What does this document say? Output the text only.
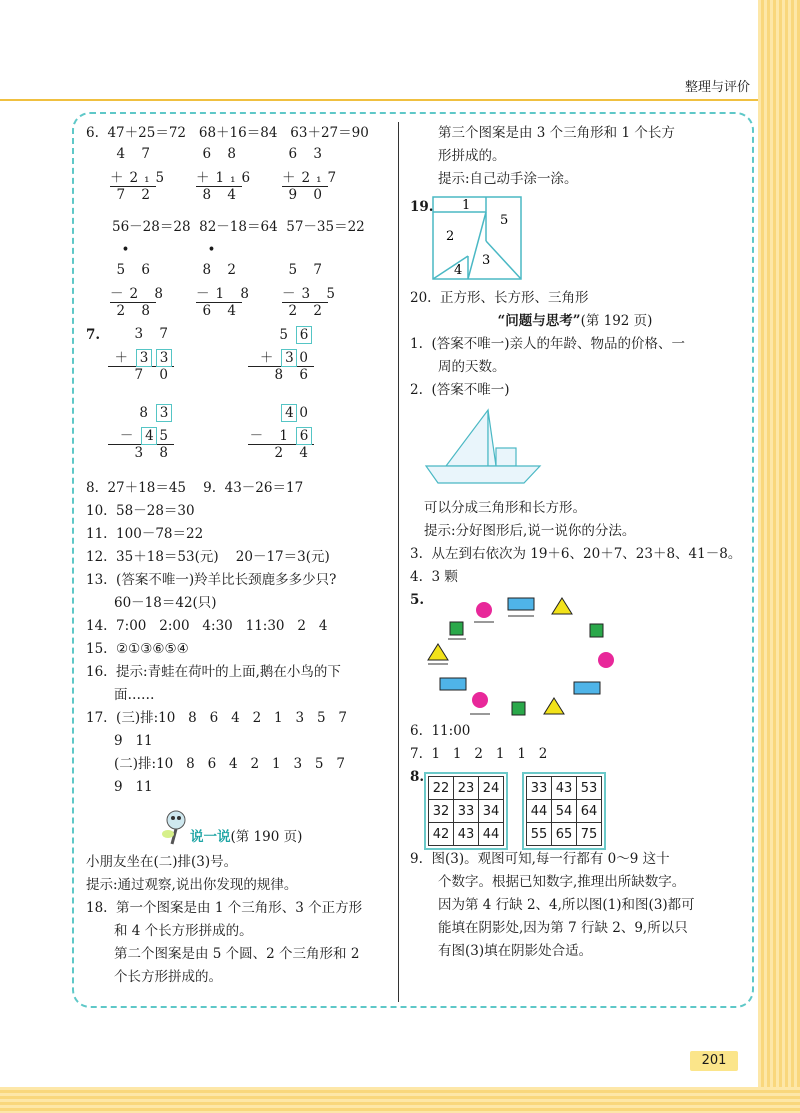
整理与评价
6.  47＋25＝72   68＋16＝84   63＋27＝90
4 7
＋2₁5
7 2
6 8
＋1₁6
8 4
6 3
＋2₁7
9 0
56－28＝28  82－18＝64  57－35＝22
•
5 6
－2 8
2 8
•
8 2
－1 8
6 4

5 7
－3 5
2 2
7.	3 7
＋ 3 3
7 0
5 6
＋ 3 0
8 6
8 3
－ 4 5
3 8
4 0
－ 1 6
2 4
8.  27＋18＝45    9.  43－26＝17
10.  58－28＝30
11.  100－78＝22
12.  35＋18＝53(元)    20－17＝3(元)
13.  (答案不唯一)羚羊比长颈鹿多多少只?
60－18＝42(只)
14.  7:00   2:00   4:30   11:30   2   4
15.  ②①③⑥⑤④
16.  提示:青蛙在荷叶的上面,鹅在小鸟的下
面……
17.  (三)排:10   8   6   4   2   1   3   5   7
9   11
(二)排:10   8   6   4   2   1   3   5   7
9   11
说一说(第 190 页)
小朋友坐在(二)排(3)号。
提示:通过观察,说出你发现的规律。
18.  第一个图案是由 1 个三角形、3 个正方形
和 4 个长方形拼成的。
第二个图案是由 5 个圆、2 个三角形和 2
个长方形拼成的。
第三个图案是由 3 个三角形和 1 个长方
形拼成的。
提示:自己动手涂一涂。
19. 1
5
2
4
3
20.  正方形、长方形、三角形
“问题与思考”(第 192 页)
1.  (答案不唯一)亲人的年龄、物品的价格、一
周的天数。
2.  (答案不唯一)
可以分成三角形和长方形。
提示:分好图形后,说一说你的分法。
3.  从左到右依次为 19＋6、20＋7、23＋8、41－8。
4.  3 颗
5.
6.  11:00
7.  1   1   2   1   1   2
8.
22	23	24
32	33	34
42	43	44
33	43	53
44	54	64
55	65	75
9.  图(3)。观图可知,每一行都有 0～9 这十
个数字。根据已知数字,推理出所缺数字。
因为第 4 行缺 2、4,所以图(1)和图(3)都可
能填在阴影处,因为第 7 行缺 2、9,所以只
有图(3)填在阴影处合适。
201
